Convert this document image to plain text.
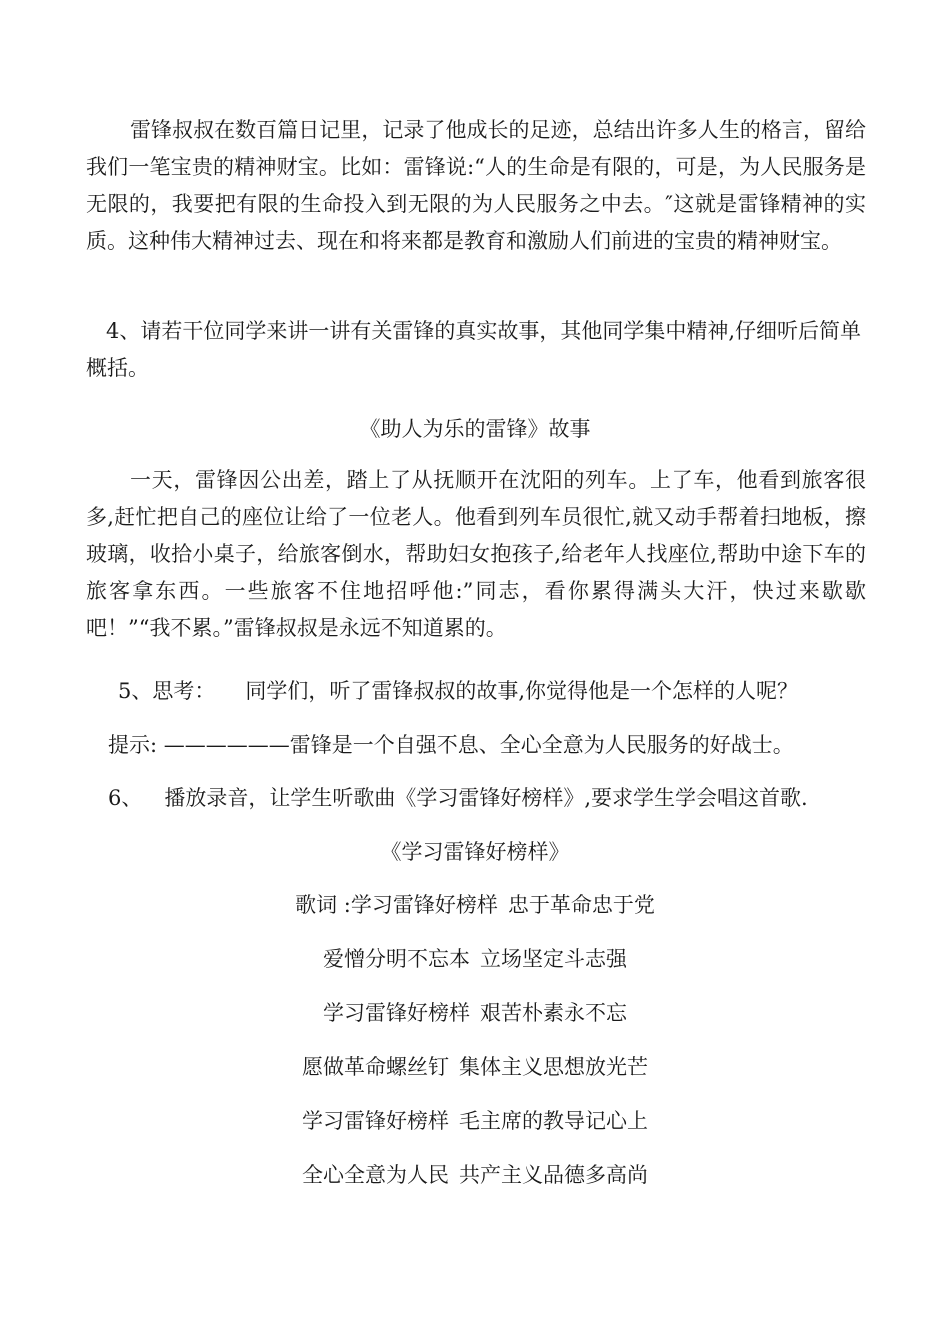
雷锋叔叔在数百篇日记里，记录了他成长的足迹，总结出许多人生的格言，留给我们一笔宝贵的精神财宝。比如：雷锋说:“人的生命是有限的，可是，为人民服务是无限的，我要把有限的生命投入到无限的为人民服务之中去。″这就是雷锋精神的实质。这种伟大精神过去、现在和将来都是教育和激励人们前进的宝贵的精神财宝。

4、请若干位同学来讲一讲有关雷锋的真实故事，其他同学集中精神,仔细听后简单概括。

《助人为乐的雷锋》故事

一天，雷锋因公出差，踏上了从抚顺开在沈阳的列车。上了车，他看到旅客很多,赶忙把自己的座位让给了一位老人。他看到列车员很忙,就又动手帮着扫地板，擦玻璃，收拾小桌子，给旅客倒水，帮助妇女抱孩子,给老年人找座位,帮助中途下车的旅客拿东西。一些旅客不住地招呼他:”同志，看你累得满头大汗，快过来歇歇吧！”“我不累。”雷锋叔叔是永远不知道累的。

5、思考： 同学们，听了雷锋叔叔的故事,你觉得他是一个怎样的人呢？

提示: ——————雷锋是一个自强不息、全心全意为人民服务的好战士。

6、 播放录音，让学生听歌曲《学习雷锋好榜样》,要求学生学会唱这首歌.

《学习雷锋好榜样》

歌词 :学习雷锋好榜样 忠于革命忠于党

爱憎分明不忘本 立场坚定斗志强

学习雷锋好榜样 艰苦朴素永不忘

愿做革命螺丝钉 集体主义思想放光芒

学习雷锋好榜样 毛主席的教导记心上

全心全意为人民 共产主义品德多高尚
